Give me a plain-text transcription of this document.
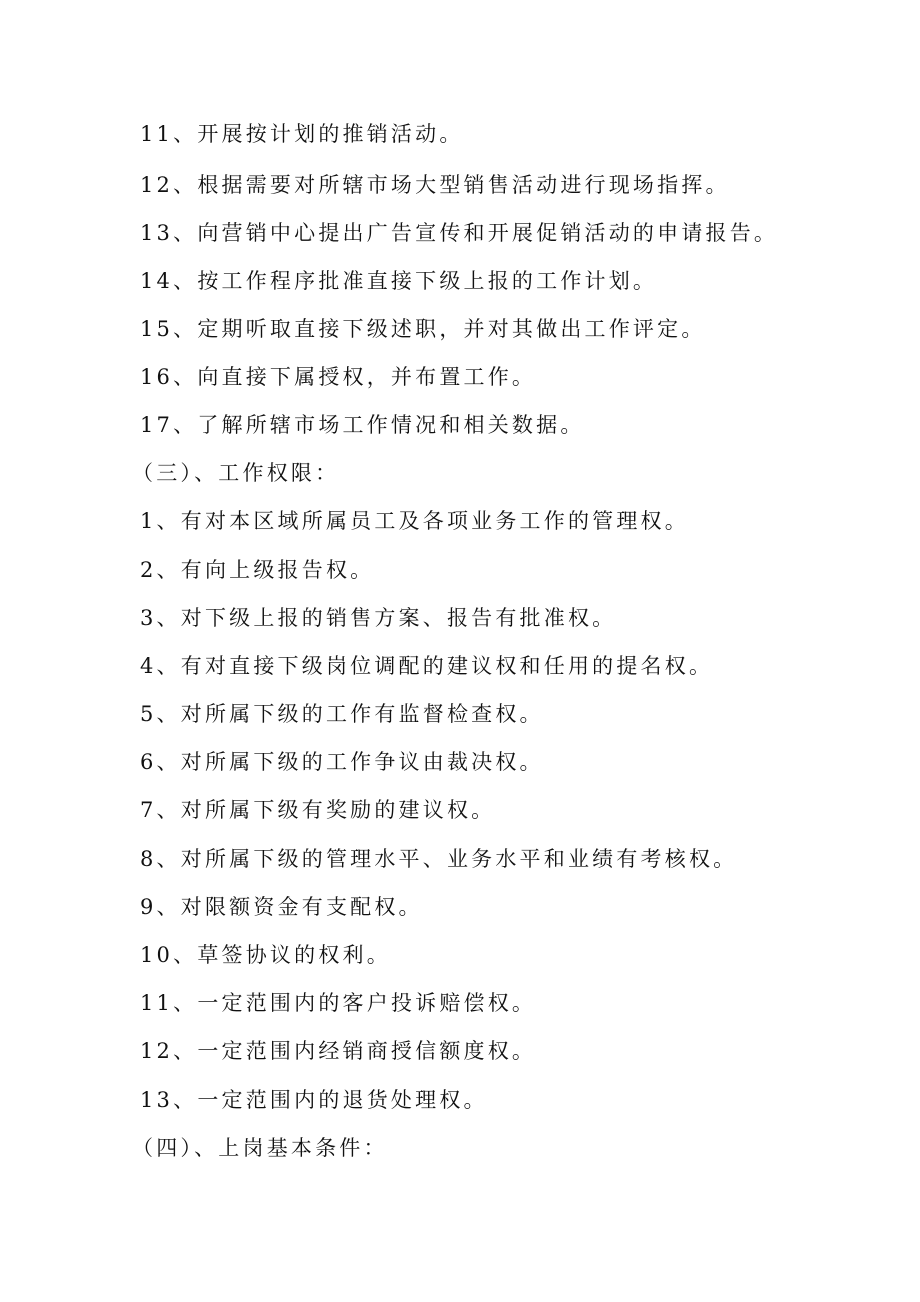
11、开展按计划的推销活动。
12、根据需要对所辖市场大型销售活动进行现场指挥。
13、向营销中心提出广告宣传和开展促销活动的申请报告。
14、按工作程序批准直接下级上报的工作计划。
15、定期听取直接下级述职，并对其做出工作评定。
16、向直接下属授权，并布置工作。
17、了解所辖市场工作情况和相关数据。
（三）、工作权限：
1、有对本区域所属员工及各项业务工作的管理权。
2、有向上级报告权。
3、对下级上报的销售方案、报告有批准权。
4、有对直接下级岗位调配的建议权和任用的提名权。
5、对所属下级的工作有监督检查权。
6、对所属下级的工作争议由裁决权。
7、对所属下级有奖励的建议权。
8、对所属下级的管理水平、业务水平和业绩有考核权。
9、对限额资金有支配权。
10、草签协议的权利。
11、一定范围内的客户投诉赔偿权。
12、一定范围内经销商授信额度权。
13、一定范围内的退货处理权。
（四）、上岗基本条件：
